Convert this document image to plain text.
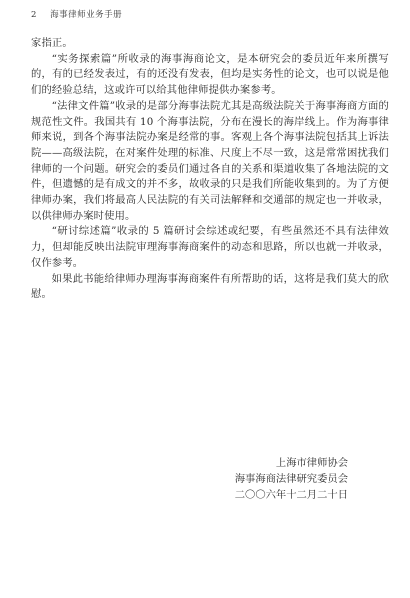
2 海事律师业务手册

家指正。

“实务探索篇”所收录的海事海商论文，是本研究会的委员近年来所撰写的，有的已经发表过，有的还没有发表，但均是实务性的论文，也可以说是他们的经验总结，这或许可以给其他律师提供办案参考。

“法律文件篇”收录的是部分海事法院尤其是高级法院关于海事海商方面的规范性文件。我国共有 10 个海事法院，分布在漫长的海岸线上。作为海事律师来说，到各个海事法院办案是经常的事。客观上各个海事法院包括其上诉法院——高级法院，在对案件处理的标准、尺度上不尽一致，这是常常困扰我们律师的一个问题。研究会的委员们通过各自的关系和渠道收集了各地法院的文件，但遗憾的是有成文的并不多，故收录的只是我们所能收集到的。为了方便律师办案，我们将最高人民法院的有关司法解释和交通部的规定也一并收录，以供律师办案时使用。

“研讨综述篇”收录的 5 篇研讨会综述或纪要，有些虽然还不具有法律效力，但却能反映出法院审理海事海商案件的动态和思路，所以也就一并收录，仅作参考。

如果此书能给律师办理海事海商案件有所帮助的话，这将是我们莫大的欣慰。

上海市律师协会
海事海商法律研究委员会
二〇〇六年十二月二十日
